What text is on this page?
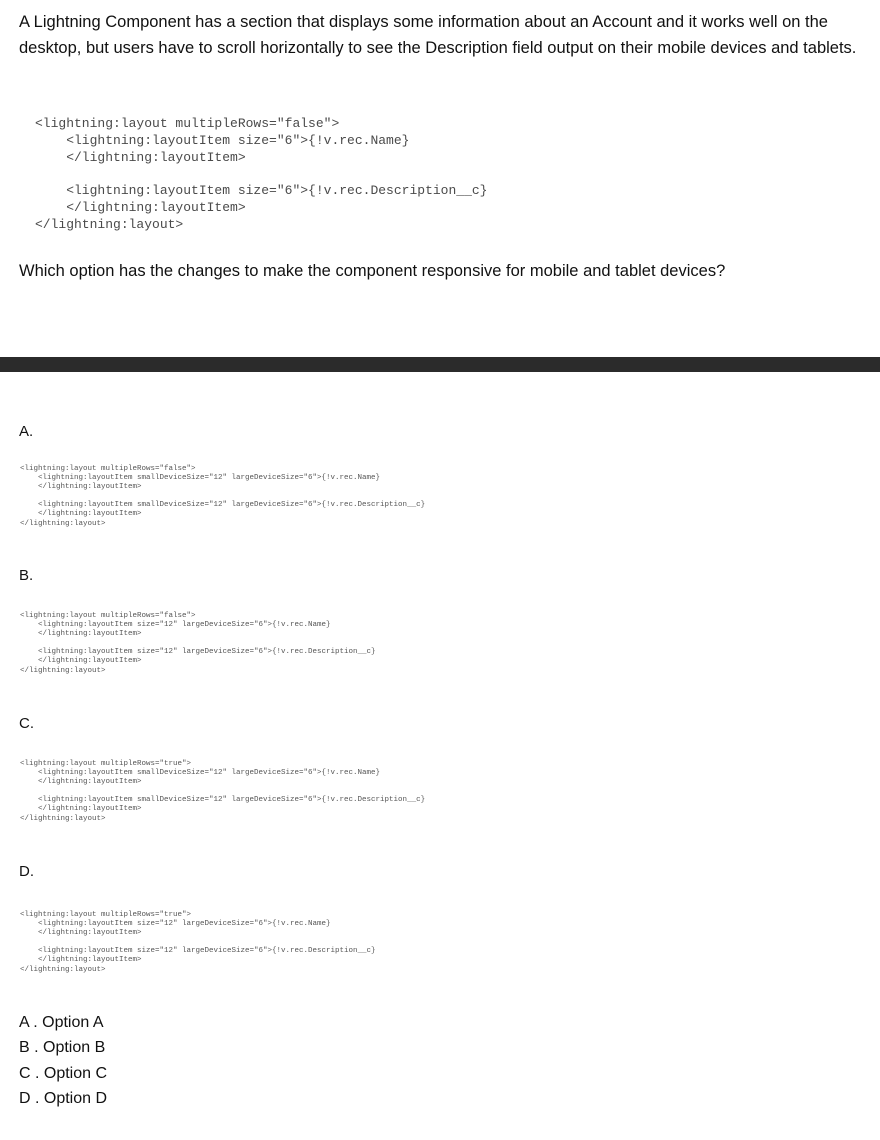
A Lightning Component has a section that displays some information about an Account and it works well on the desktop, but users have to scroll horizontally to see the Description field output on their mobile devices and tablets.

<lightning:layout multipleRows="false">
<lightning:layoutItem size="6">{!v.rec.Name}
</lightning:layoutItem>

<lightning:layoutItem size="6">{!v.rec.Description__c}
</lightning:layoutItem>
</lightning:layout>

Which option has the changes to make the component responsive for mobile and tablet devices?

A.

<lightning:layout multipleRows="false">
<lightning:layoutItem smallDeviceSize="12" largeDeviceSize="6">{!v.rec.Name}
</lightning:layoutItem>

<lightning:layoutItem smallDeviceSize="12" largeDeviceSize="6">{!v.rec.Description__c}
</lightning:layoutItem>
</lightning:layout>

B.

<lightning:layout multipleRows="false">
<lightning:layoutItem size="12" largeDeviceSize="6">{!v.rec.Name}
</lightning:layoutItem>

<lightning:layoutItem size="12" largeDeviceSize="6">{!v.rec.Description__c}
</lightning:layoutItem>
</lightning:layout>

C.

<lightning:layout multipleRows="true">
<lightning:layoutItem smallDeviceSize="12" largeDeviceSize="6">{!v.rec.Name}
</lightning:layoutItem>

<lightning:layoutItem smallDeviceSize="12" largeDeviceSize="6">{!v.rec.Description__c}
</lightning:layoutItem>
</lightning:layout>

D.

<lightning:layout multipleRows="true">
<lightning:layoutItem size="12" largeDeviceSize="6">{!v.rec.Name}
</lightning:layoutItem>

<lightning:layoutItem size="12" largeDeviceSize="6">{!v.rec.Description__c}
</lightning:layoutItem>
</lightning:layout>
A . Option A
B . Option B
C . Option C
D . Option D
